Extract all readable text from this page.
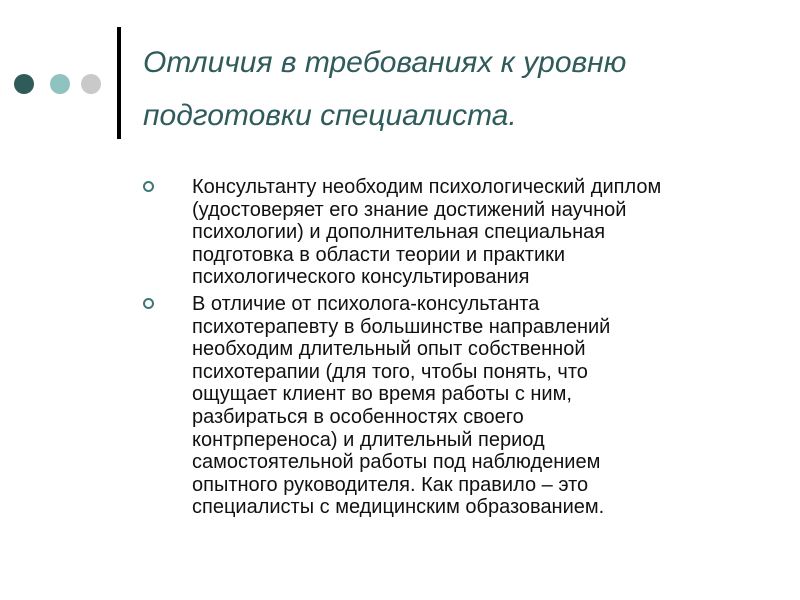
Отличия в требованиях к уровню
подготовки специалиста.
Консультанту необходим психологический диплом
(удостоверяет его знание достижений научной
психологии) и дополнительная специальная
подготовка в области теории и практики
психологического консультирования
В отличие от психолога-консультанта
психотерапевту в большинстве направлений
необходим длительный опыт собственной
психотерапии (для того, чтобы понять, что
ощущает клиент во время работы с ним,
разбираться в особенностях своего
контрпереноса) и длительный период
самостоятельной работы под наблюдением
опытного руководителя. Как правило – это
специалисты с медицинским образованием.
